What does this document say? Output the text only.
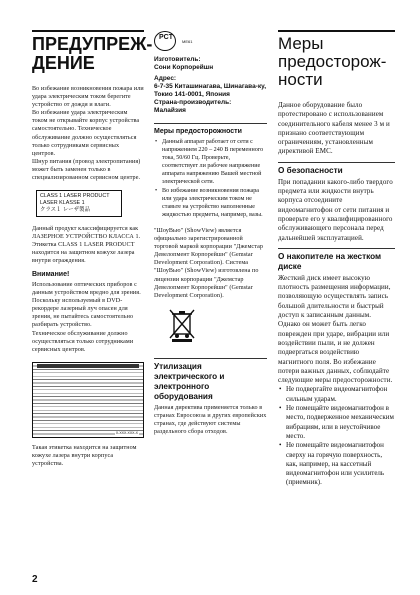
ПРЕДУПРЕЖ-
ДЕНИЕ

Во избежание возникновения пожара или удара электрическим током берегите устройство от дождя и влаги.

Во избежание удара электрическим током не открывайте корпус устройства самостоятельно. Техническое обслуживание должно осуществляться только сотрудниками сервисных центров.

Шнур питания (провод электропитания) может быть заменен только в специализированном сервисном центре.

CLASS 1 LASER PRODUCT
LASER KLASSE 1
クラス１ レーザ製品

Данный продукт классифицируется как ЛАЗЕРНОЕ УСТРОЙСТВО КЛАССА 1. Этикетка CLASS 1 LASER PRODUCT находится на защитном кожухе лазера внутри ограждения.

Внимание!

Использование оптических приборов с данным устройством вредно для зрения. Поскольку используемый в DVD-рекордере лазерный луч опасен для зрения, не пытайтесь самостоятельно разбирать устройство.

Техническое обслуживание должно осуществляться только сотрудниками сервисных центров.

X-XXX-XXX-X

Такая этикетка находится на защитном кожухе лазера внутри корпуса устройства.

PCT ME61
Изготовитель:
Сони Корпорейшн
Адрес:
6-7-35 Киташинагава, Шинагава-ку, Токио 141-0001, Япония
Страна-производитель:
Малайзия
Меры предосторожности
• Данный аппарат работает от сети с напряжением 220 – 240 В переменного тока, 50/60 Гц. Проверьте, соответствует ли рабочее напряжение аппарата напряжению Вашей местной электрической сети.
• Во избежание возникновения пожара или удара электрическим током не ставьте на устройство наполненные жидкостью предметы, например, вазы.

"ШоуВью" (ShowView) является официально зарегистрированной торговой маркой корпорации "Джемстар Девелопмент Корпорейшн" (Gemstar Development Corporation). Система "ШоуВью" (ShowView) изготовлена по лицензии корпорации "Джемстар Девелопмент Корпорейшн" (Gemstar Development Corporation).

Утилизация электрического и электронного оборудования

Данная директива применяется только в странах Евросоюза и других европейских странах, где действуют системы раздельного сбора отходов.

Меры
предосторож-
ности

Данное оборудование было протестировано с использованием соединительного кабеля менее 3 м и признано соответствующим ограничениям, установленным директивой EMC.

О безопасности

При попадании какого-либо твердого предмета или жидкости внутрь корпуса отсоедините видеомагнитофон от сети питания и проверьте его у квалифицированного обслуживающего персонала перед дальнейшей эксплуатацией.

О накопителе на жестком диске

Жесткий диск имеет высокую плотность размещения информации, позволяющую осуществлять запись большой длительности и быстрый доступ к записанным данным. Однако он может быть легко поврежден при ударе, вибрации или воздействии пыли, и не должен подвергаться воздействию магнитного поля. Во избежание потери важных данных, соблюдайте следующие меры предосторожности.

• Не подвергайте видеомагнитофон сильным ударам.
• Не помещайте видеомагнитофон в место, подверженное механическим вибрациям, или в неустойчивое место.
• Не помещайте видеомагнитофон сверху на горячую поверхность, как, например, на кассетный видеомагнитофон или усилитель (приемник).
2
